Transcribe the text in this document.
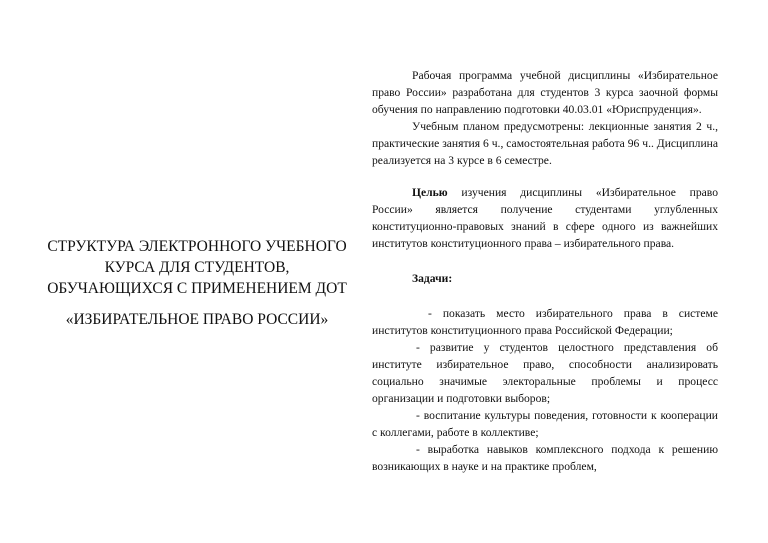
СТРУКТУРА ЭЛЕКТРОННОГО УЧЕБНОГО
КУРСА ДЛЯ СТУДЕНТОВ,
ОБУЧАЮЩИХСЯ С ПРИМЕНЕНИЕМ ДОТ
«ИЗБИРАТЕЛЬНОЕ ПРАВО РОССИИ»

Рабочая программа учебной дисциплины «Избирательное право России» разработана для студентов 3 курса заочной формы обучения по направлению подготовки 40.03.01 «Юриспруденция».

Учебным планом предусмотрены: лекционные занятия 2 ч., практические занятия 6 ч., самостоятельная работа 96 ч.. Дисциплина реализуется на 3 курсе в 6 семестре.

Целью изучения дисциплины «Избирательное право России» является получение студентами углубленных конституционно-правовых знаний в сфере одного из важнейших институтов конституционного права – избирательного права.

Задачи:

- показать место избирательного права в системе институтов конституционного права Российской Федерации;

- развитие у студентов целостного представления об институте избирательное право, способности анализировать социально значимые электоральные проблемы и процесс организации и подготовки выборов;

- воспитание культуры поведения, готовности к кооперации с коллегами, работе в коллективе;

- выработка навыков комплексного подхода к решению возникающих в науке и на практике проблем,
